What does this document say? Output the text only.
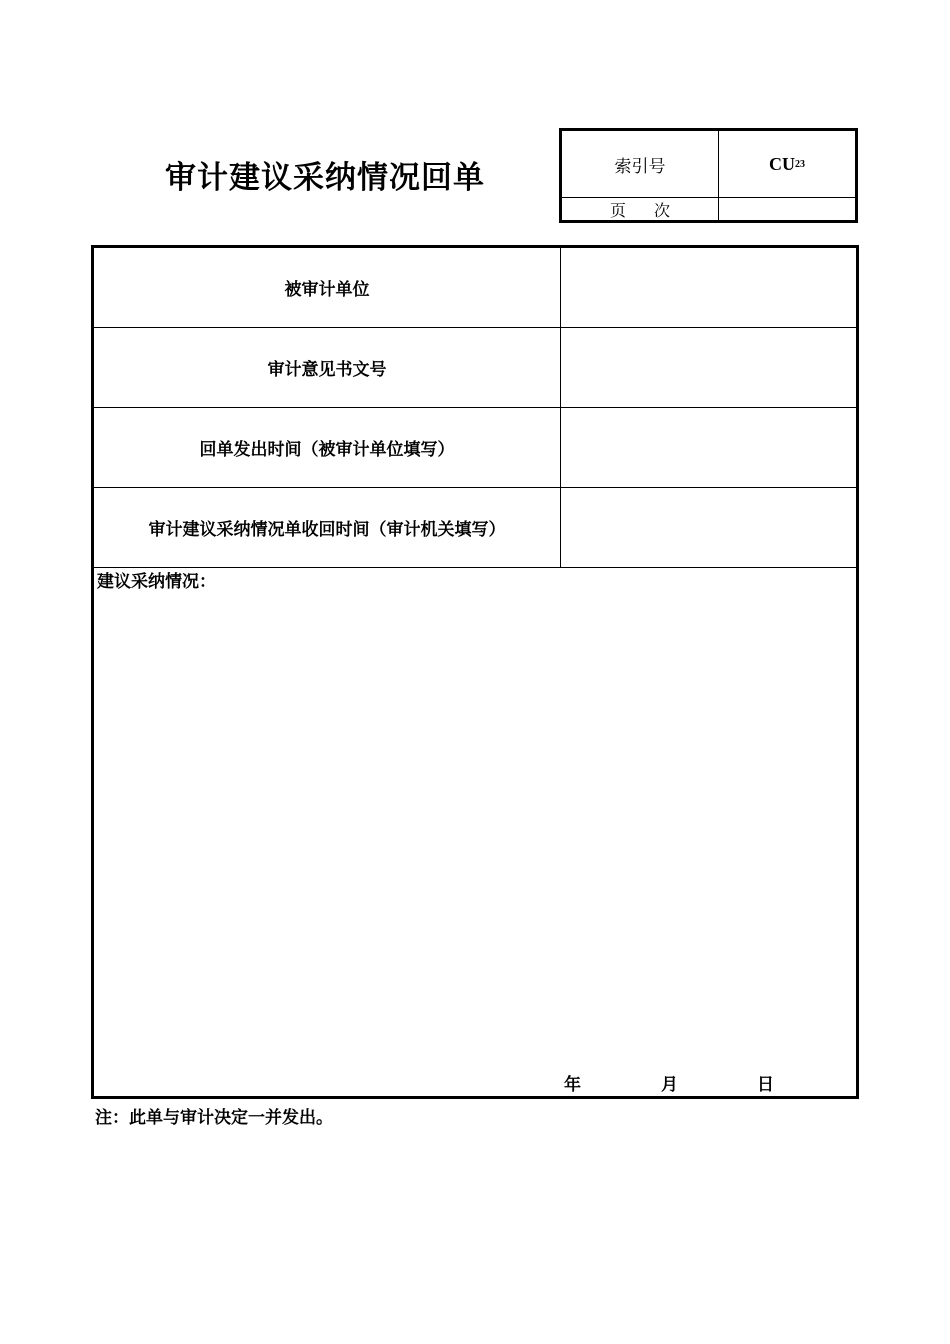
审计建议采纳情况回单	索引号	CU 23
页次
被审计单位
审计意见书文号
回单发出时间（被审计单位填写）
审计建议采纳情况单收回时间（审计机关填写）
建议采纳情况：
年	月	日
注：此单与审计决定一并发出。
